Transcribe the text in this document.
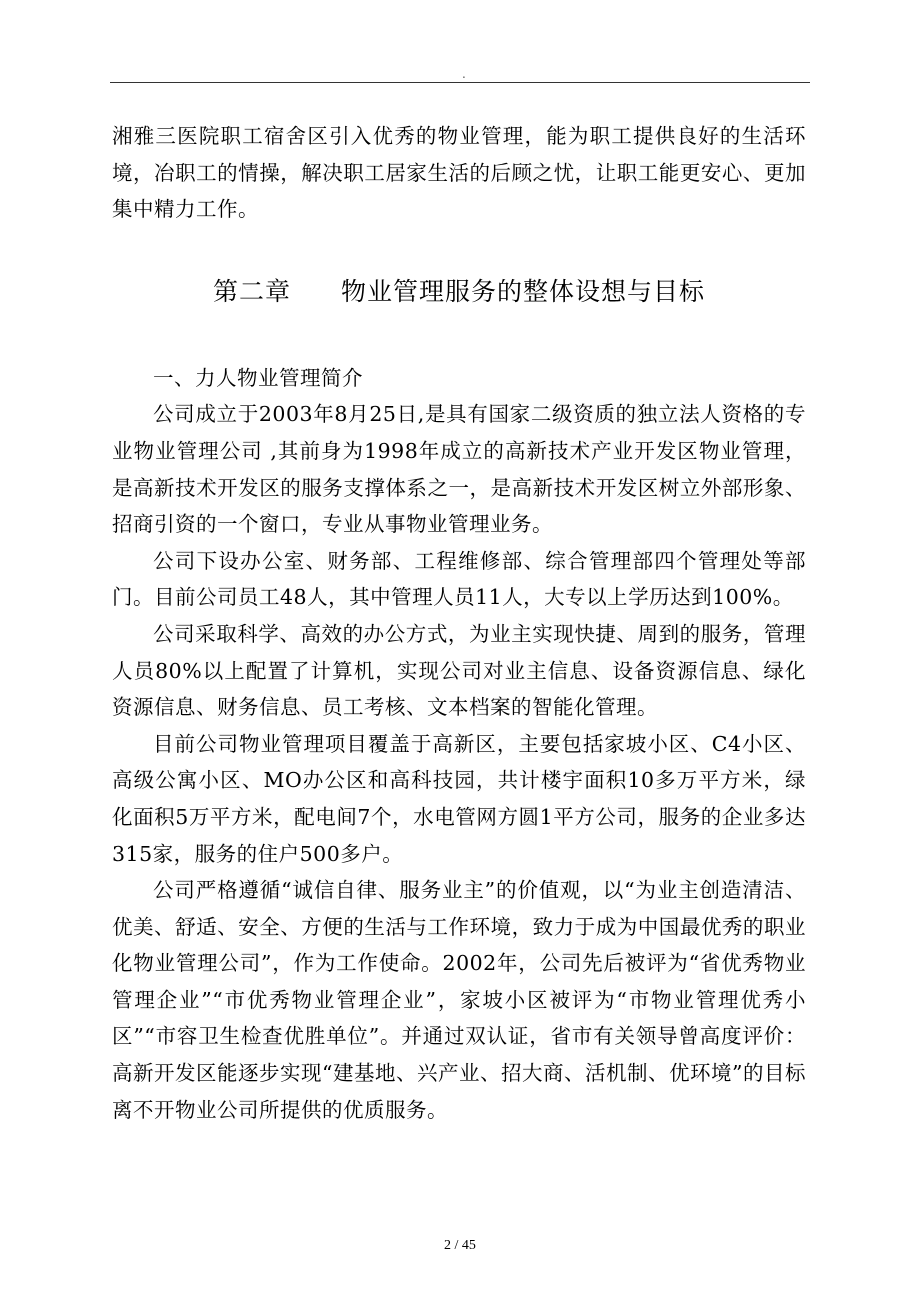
.

湘雅三医院职工宿舍区引入优秀的物业管理，能为职工提供良好的生活环境，冶职工的情操，解决职工居家生活的后顾之忧，让职工能更安心、更加集中精力工作。

第二章 物业管理服务的整体设想与目标

一、力人物业管理简介

公司成立于2003年8月25日,是具有国家二级资质的独立法人资格的专业物业管理公司 ,其前身为1998年成立的高新技术产业开发区物业管理，是高新技术开发区的服务支撑体系之一，是高新技术开发区树立外部形象、招商引资的一个窗口，专业从事物业管理业务。

公司下设办公室、财务部、工程维修部、综合管理部四个管理处等部门。目前公司员工48人，其中管理人员11人，大专以上学历达到100%。

公司采取科学、高效的办公方式，为业主实现快捷、周到的服务，管理人员80%以上配置了计算机，实现公司对业主信息、设备资源信息、绿化资源信息、财务信息、员工考核、文本档案的智能化管理。

目前公司物业管理项目覆盖于高新区，主要包括家坡小区、C4小区、高级公寓小区、MO办公区和高科技园，共计楼宇面积10多万平方米，绿化面积5万平方米，配电间7个，水电管网方圆1平方公司，服务的企业多达315家，服务的住户500多户。

公司严格遵循“诚信自律、服务业主”的价值观，以“为业主创造清洁、优美、舒适、安全、方便的生活与工作环境，致力于成为中国最优秀的职业化物业管理公司”，作为工作使命。2002年，公司先后被评为“省优秀物业管理企业”“市优秀物业管理企业”，家坡小区被评为“市物业管理优秀小区”“市容卫生检查优胜单位”。并通过双认证，省市有关领导曾高度评价：高新开发区能逐步实现“建基地、兴产业、招大商、活机制、优环境”的目标离不开物业公司所提供的优质服务。

2 / 45
